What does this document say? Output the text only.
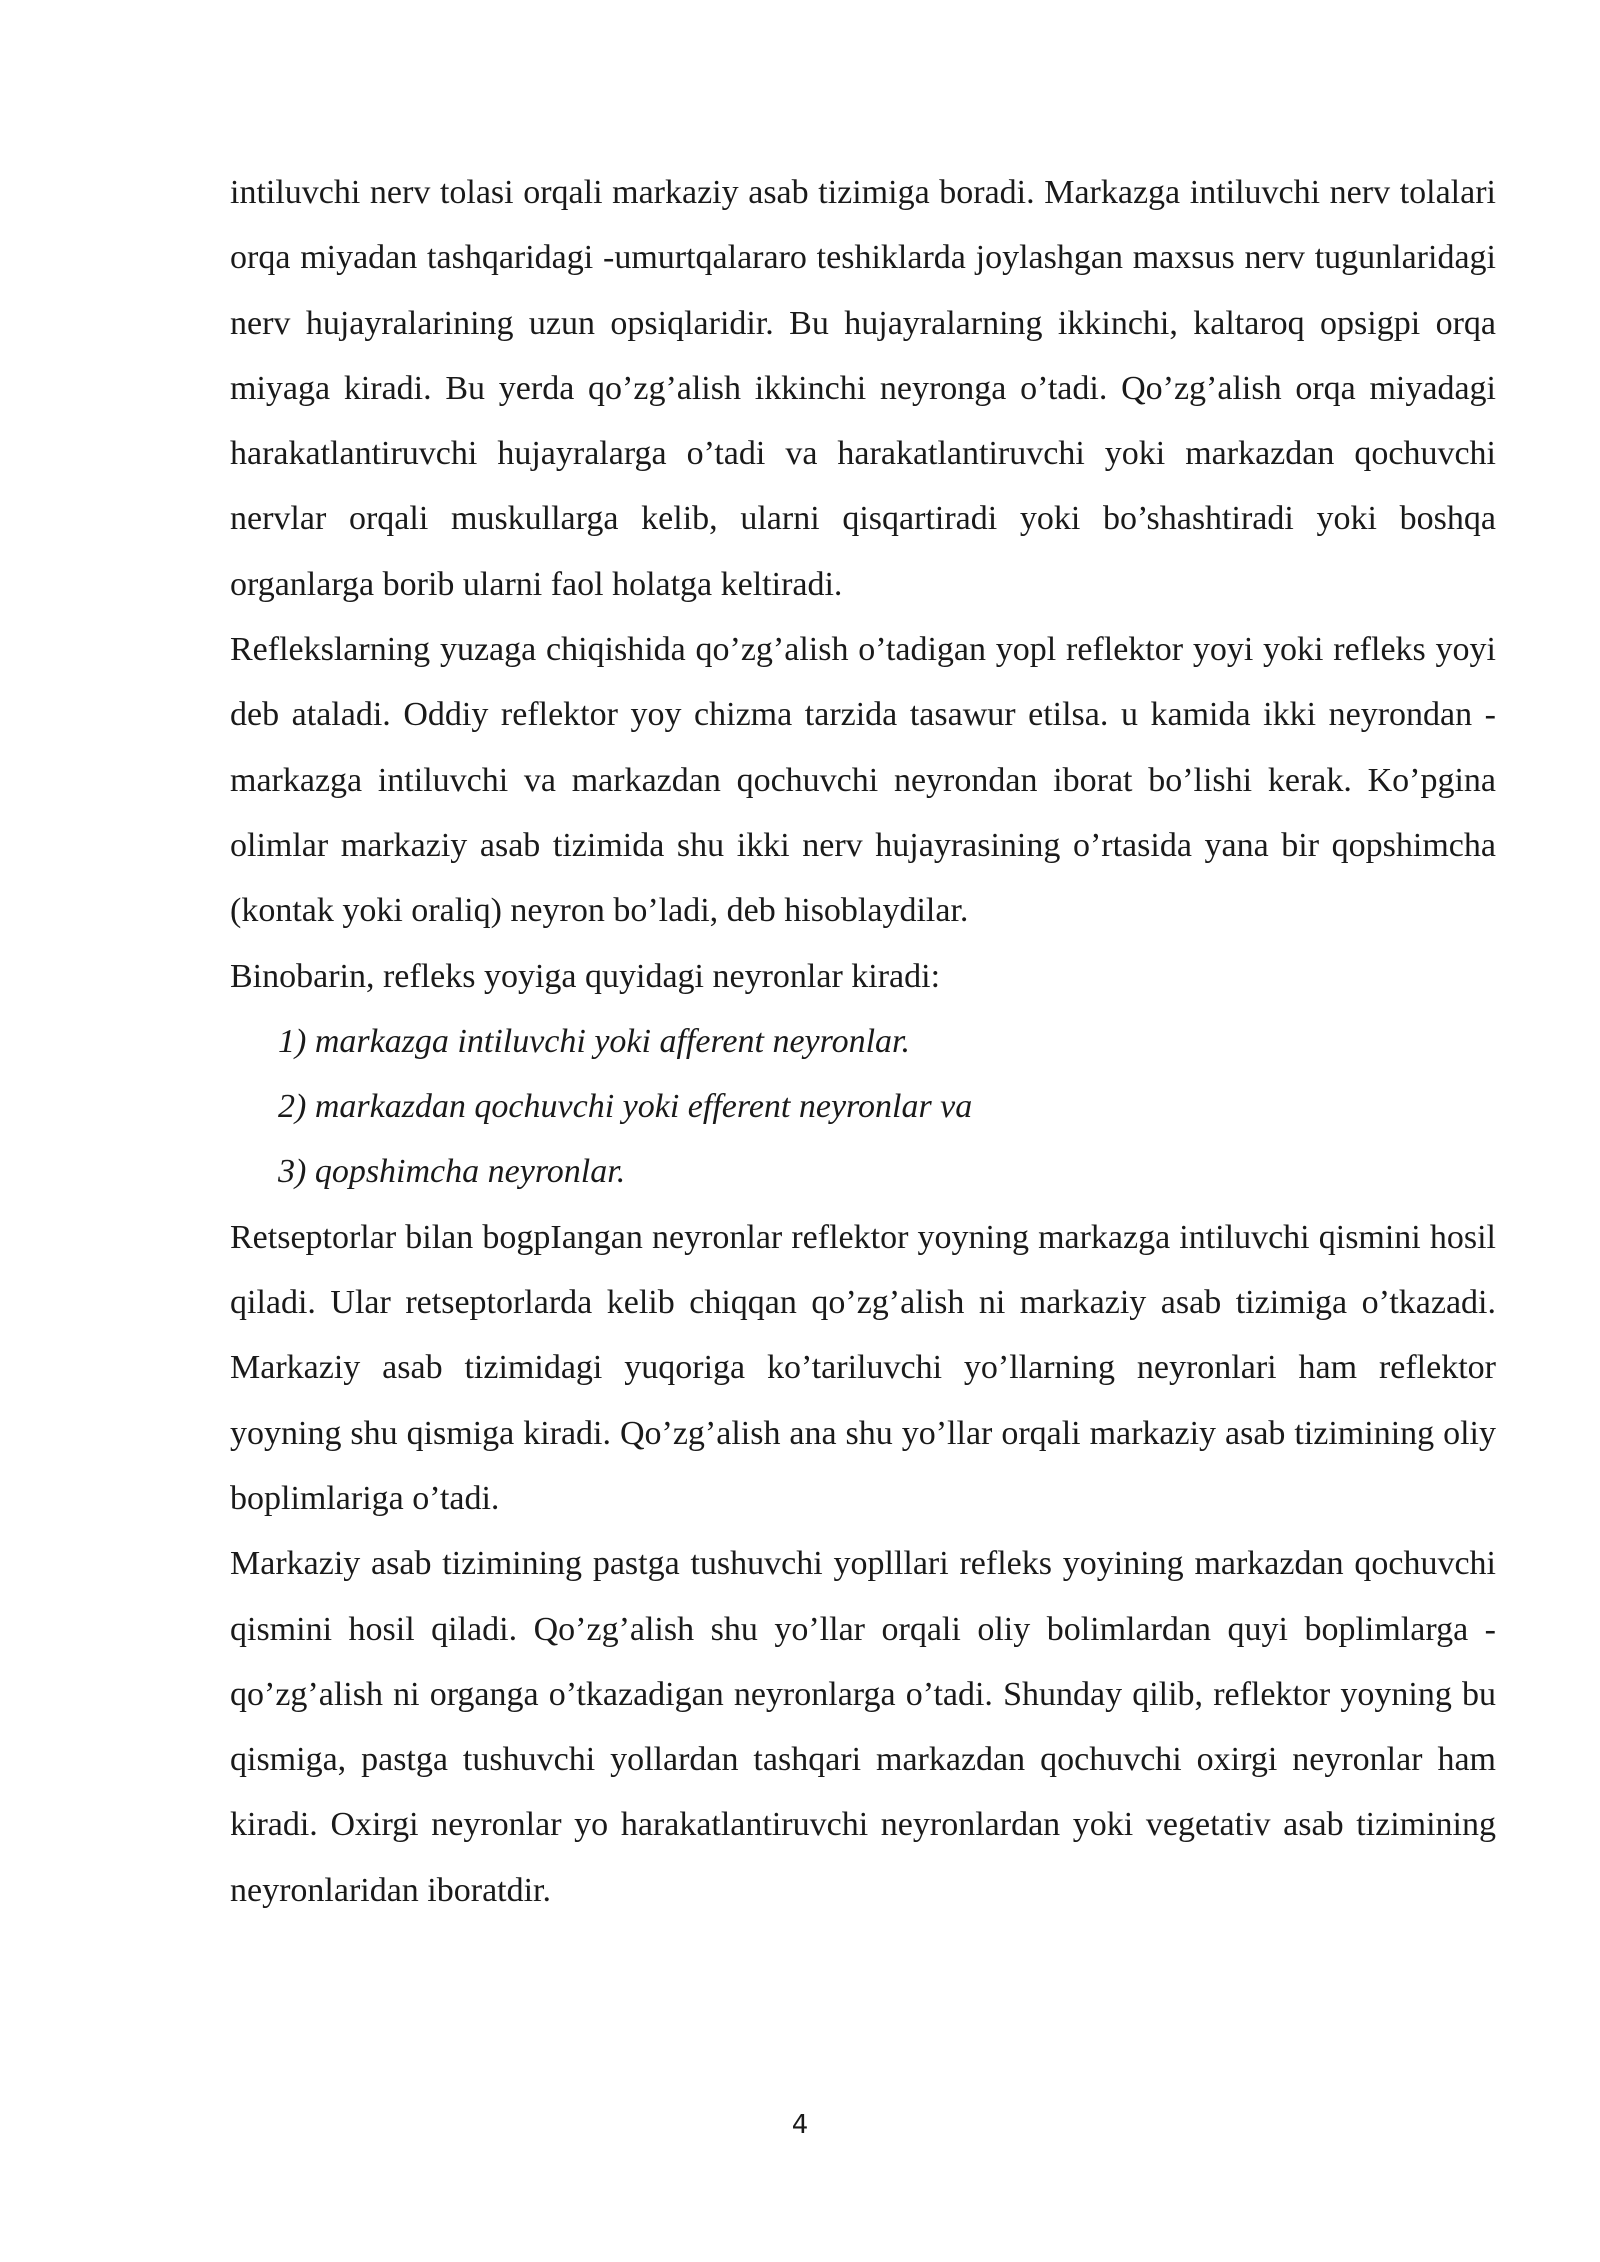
intiluvchi nerv tolasi orqali markaziy asab tizimiga boradi. Markazga intiluvchi nerv tolalari orqa miyadan tashqaridagi -umurtqalararo teshiklarda joylashgan maxsus nerv tugunlaridagi nerv hujayralarining uzun opsiqlaridir. Bu hujayralarning ikkinchi, kaltaroq opsigpi orqa miyaga kiradi. Bu yerda qo’zg’alish ikkinchi neyronga o’tadi. Qo’zg’alish orqa miyadagi harakatlantiruvchi hujayralarga o’tadi va harakatlantiruvchi yoki markazdan qochuvchi nervlar orqali muskullarga kelib, ularni qisqartiradi yoki bo’shashtiradi yoki boshqa organlarga borib ularni faol holatga keltiradi.

Reflekslarning yuzaga chiqishida qo’zg’alish o’tadigan yopl reflektor yoyi yoki refleks yoyi deb ataladi. Oddiy reflektor yoy chizma tarzida tasawur etilsa. u kamida ikki neyrondan - markazga intiluvchi va markazdan qochuvchi neyrondan iborat bo’lishi kerak. Ko’pgina olimlar markaziy asab tizimida shu ikki nerv hujayrasining o’rtasida yana bir qopshimcha (kontak yoki oraliq) neyron bo’ladi, deb hisoblaydilar.

Binobarin, refleks yoyiga quyidagi neyronlar kiradi:

1) markazga intiluvchi yoki afferent neyronlar.
2) markazdan qochuvchi yoki efferent neyronlar va
3) qopshimcha neyronlar.

Retseptorlar bilan bogpIangan neyronlar reflektor yoyning markazga intiluvchi qismini hosil qiladi. Ular retseptorlarda kelib chiqqan qo’zg’alish ni markaziy asab tizimiga o’tkazadi. Markaziy asab tizimidagi yuqoriga ko’tariluvchi yo’llarning neyronlari ham reflektor yoyning shu qismiga kiradi. Qo’zg’alish ana shu yo’llar orqali markaziy asab tizimining oliy boplimlariga o’tadi.

Markaziy asab tizimining pastga tushuvchi yoplllari refleks yoyining markazdan qochuvchi qismini hosil qiladi. Qo’zg’alish shu yo’llar orqali oliy bolimlardan quyi boplimlarga - qo’zg’alish ni organga o’tkazadigan neyronlarga o’tadi. Shunday qilib, reflektor yoyning bu qismiga, pastga tushuvchi yollardan tashqari markazdan qochuvchi oxirgi neyronlar ham kiradi. Oxirgi neyronlar yo harakatlantiruvchi neyronlardan yoki vegetativ asab tizimining neyronlaridan iboratdir.

4
